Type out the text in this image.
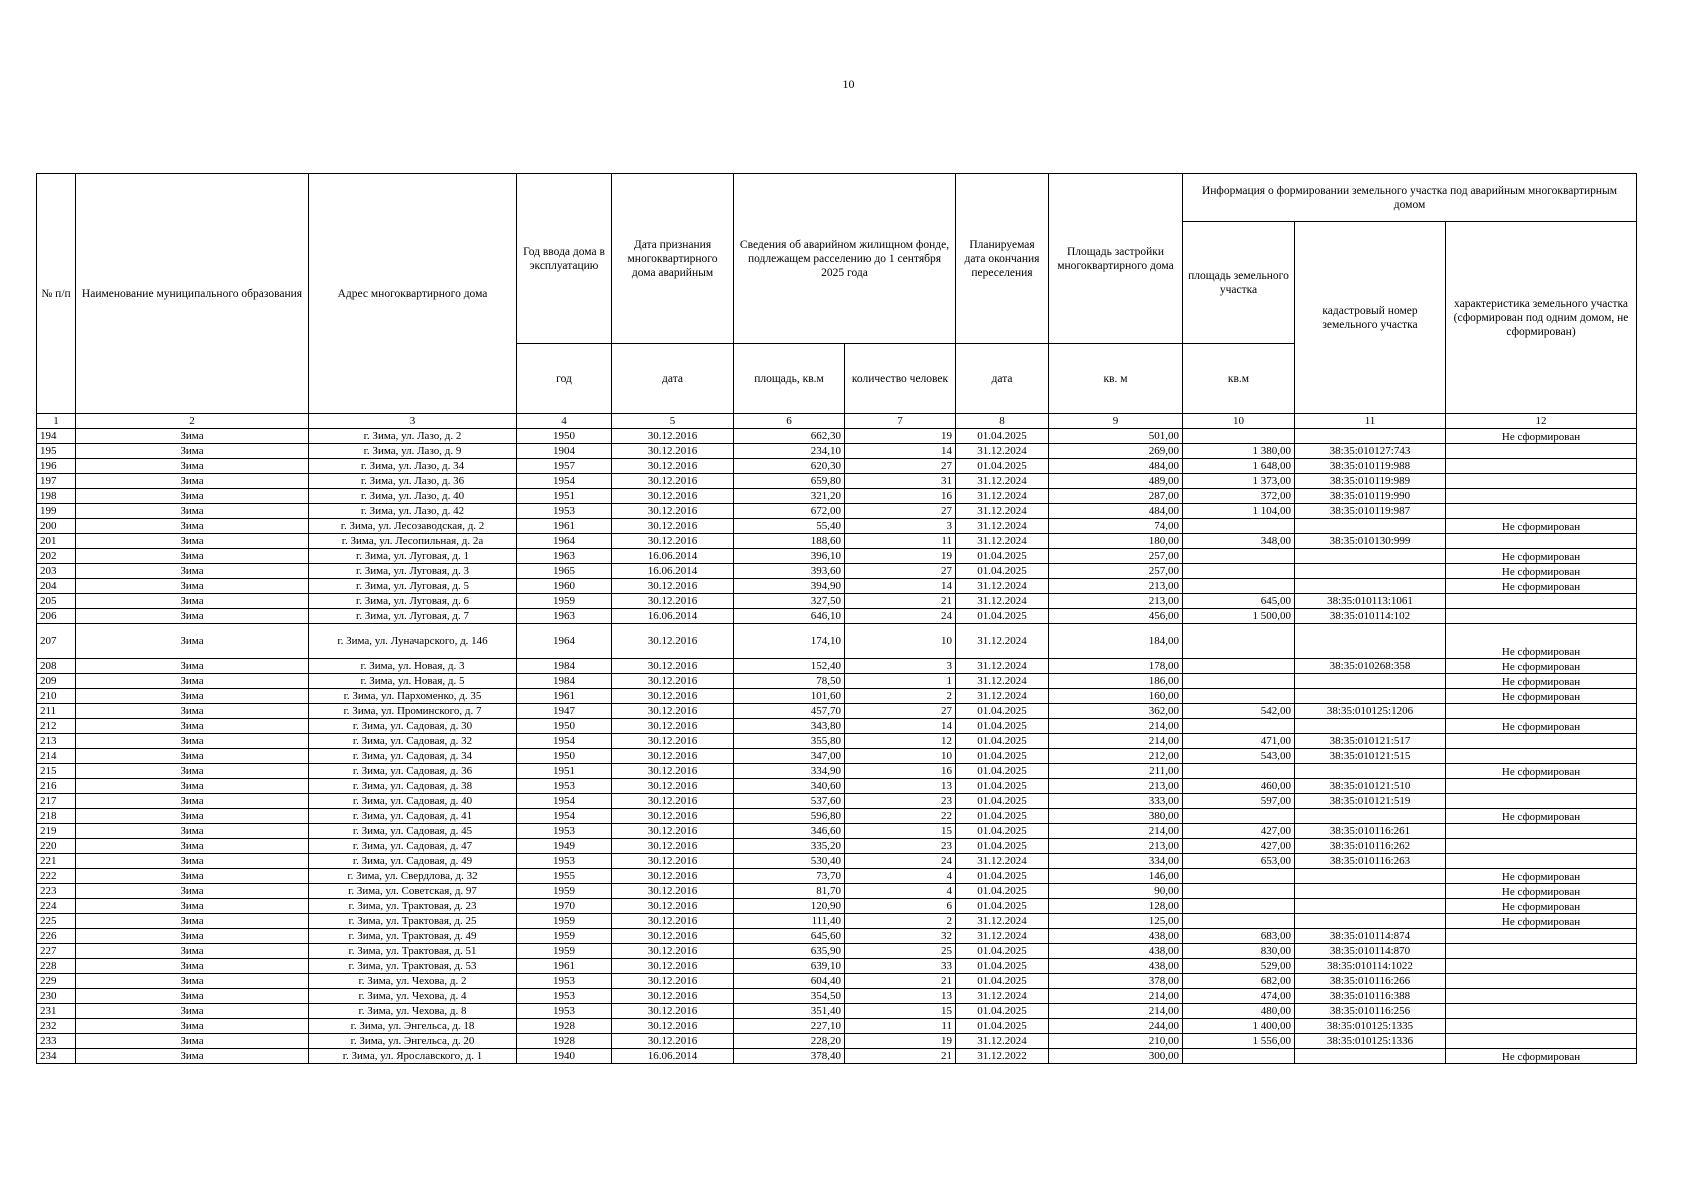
10
№ п/п	Наименование муниципального образования	Адрес многоквартирного дома	Год ввода дома в эксплуатацию	Дата признания многоквартирного дома аварийным	Сведения об аварийном жилищном фонде, подлежащем расселению до 1 сентября 2025 года		Планируемая дата окончания переселения	Площадь застройки многоквартирного дома	Информация о формировании земельного участка под аварийным многоквартирным домом		
									площадь земельного участка	кадастровый номер земельного участка	характеристика земельного участка (сформирован под одним домом, не сформирован)
			год	дата	площадь, кв.м	количество человек	дата	кв. м	кв.м		
1	2	3	4	5	6	7	8	9	10	11	12
194	Зима	г. Зима, ул. Лазо, д. 2	1950	30.12.2016	662,30	19	01.04.2025	501,00			Не сформирован
195	Зима	г. Зима, ул. Лазо, д. 9	1904	30.12.2016	234,10	14	31.12.2024	269,00	1 380,00	38:35:010127:743	
196	Зима	г. Зима, ул. Лазо, д. 34	1957	30.12.2016	620,30	27	01.04.2025	484,00	1 648,00	38:35:010119:988	
197	Зима	г. Зима, ул. Лазо, д. 36	1954	30.12.2016	659,80	31	31.12.2024	489,00	1 373,00	38:35:010119:989	
198	Зима	г. Зима, ул. Лазо, д. 40	1951	30.12.2016	321,20	16	31.12.2024	287,00	372,00	38:35:010119:990	
199	Зима	г. Зима, ул. Лазо, д. 42	1953	30.12.2016	672,00	27	31.12.2024	484,00	1 104,00	38:35:010119:987	
200	Зима	г. Зима, ул. Лесозаводская, д. 2	1961	30.12.2016	55,40	3	31.12.2024	74,00			Не сформирован
201	Зима	г. Зима, ул. Лесопильная, д. 2а	1964	30.12.2016	188,60	11	31.12.2024	180,00	348,00	38:35:010130:999	
202	Зима	г. Зима, ул. Луговая, д. 1	1963	16.06.2014	396,10	19	01.04.2025	257,00			Не сформирован
203	Зима	г. Зима, ул. Луговая, д. 3	1965	16.06.2014	393,60	27	01.04.2025	257,00			Не сформирован
204	Зима	г. Зима, ул. Луговая, д. 5	1960	30.12.2016	394,90	14	31.12.2024	213,00			Не сформирован
205	Зима	г. Зима, ул. Луговая, д. 6	1959	30.12.2016	327,50	21	31.12.2024	213,00	645,00	38:35:010113:1061	
206	Зима	г. Зима, ул. Луговая, д. 7	1963	16.06.2014	646,10	24	01.04.2025	456,00	1 500,00	38:35:010114:102	
207	Зима	г. Зима, ул. Луначарского, д. 146	1964	30.12.2016	174,10	10	31.12.2024	184,00			Не сформирован
208	Зима	г. Зима, ул. Новая, д. 3	1984	30.12.2016	152,40	3	31.12.2024	178,00		38:35:010268:358	Не сформирован
209	Зима	г. Зима, ул. Новая, д. 5	1984	30.12.2016	78,50	1	31.12.2024	186,00			Не сформирован
210	Зима	г. Зима, ул. Пархоменко, д. 35	1961	30.12.2016	101,60	2	31.12.2024	160,00			Не сформирован
211	Зима	г. Зима, ул. Проминского, д. 7	1947	30.12.2016	457,70	27	01.04.2025	362,00	542,00	38:35:010125:1206	
212	Зима	г. Зима, ул. Садовая, д. 30	1950	30.12.2016	343,80	14	01.04.2025	214,00			Не сформирован
213	Зима	г. Зима, ул. Садовая, д. 32	1954	30.12.2016	355,80	12	01.04.2025	214,00	471,00	38:35:010121:517	
214	Зима	г. Зима, ул. Садовая, д. 34	1950	30.12.2016	347,00	10	01.04.2025	212,00	543,00	38:35:010121:515	
215	Зима	г. Зима, ул. Садовая, д. 36	1951	30.12.2016	334,90	16	01.04.2025	211,00			Не сформирован
216	Зима	г. Зима, ул. Садовая, д. 38	1953	30.12.2016	340,60	13	01.04.2025	213,00	460,00	38:35:010121:510	
217	Зима	г. Зима, ул. Садовая, д. 40	1954	30.12.2016	537,60	23	01.04.2025	333,00	597,00	38:35:010121:519	
218	Зима	г. Зима, ул. Садовая, д. 41	1954	30.12.2016	596,80	22	01.04.2025	380,00			Не сформирован
219	Зима	г. Зима, ул. Садовая, д. 45	1953	30.12.2016	346,60	15	01.04.2025	214,00	427,00	38:35:010116:261	
220	Зима	г. Зима, ул. Садовая, д. 47	1949	30.12.2016	335,20	23	01.04.2025	213,00	427,00	38:35:010116:262	
221	Зима	г. Зима, ул. Садовая, д. 49	1953	30.12.2016	530,40	24	31.12.2024	334,00	653,00	38:35:010116:263	
222	Зима	г. Зима, ул. Свердлова, д. 32	1955	30.12.2016	73,70	4	01.04.2025	146,00			Не сформирован
223	Зима	г. Зима, ул. Советская, д. 97	1959	30.12.2016	81,70	4	01.04.2025	90,00			Не сформирован
224	Зима	г. Зима, ул. Трактовая, д. 23	1970	30.12.2016	120,90	6	01.04.2025	128,00			Не сформирован
225	Зима	г. Зима, ул. Трактовая, д. 25	1959	30.12.2016	111,40	2	31.12.2024	125,00			Не сформирован
226	Зима	г. Зима, ул. Трактовая, д. 49	1959	30.12.2016	645,60	32	31.12.2024	438,00	683,00	38:35:010114:874	
227	Зима	г. Зима, ул. Трактовая, д. 51	1959	30.12.2016	635,90	25	01.04.2025	438,00	830,00	38:35:010114:870	
228	Зима	г. Зима, ул. Трактовая, д. 53	1961	30.12.2016	639,10	33	01.04.2025	438,00	529,00	38:35:010114:1022	
229	Зима	г. Зима, ул. Чехова, д. 2	1953	30.12.2016	604,40	21	01.04.2025	378,00	682,00	38:35:010116:266	
230	Зима	г. Зима, ул. Чехова, д. 4	1953	30.12.2016	354,50	13	31.12.2024	214,00	474,00	38:35:010116:388	
231	Зима	г. Зима, ул. Чехова, д. 8	1953	30.12.2016	351,40	15	01.04.2025	214,00	480,00	38:35:010116:256	
232	Зима	г. Зима, ул. Энгельса, д. 18	1928	30.12.2016	227,10	11	01.04.2025	244,00	1 400,00	38:35:010125:1335	
233	Зима	г. Зима, ул. Энгельса, д. 20	1928	30.12.2016	228,20	19	31.12.2024	210,00	1 556,00	38:35:010125:1336	
234	Зима	г. Зима, ул. Ярославского, д. 1	1940	16.06.2014	378,40	21	31.12.2022	300,00			Не сформирован
